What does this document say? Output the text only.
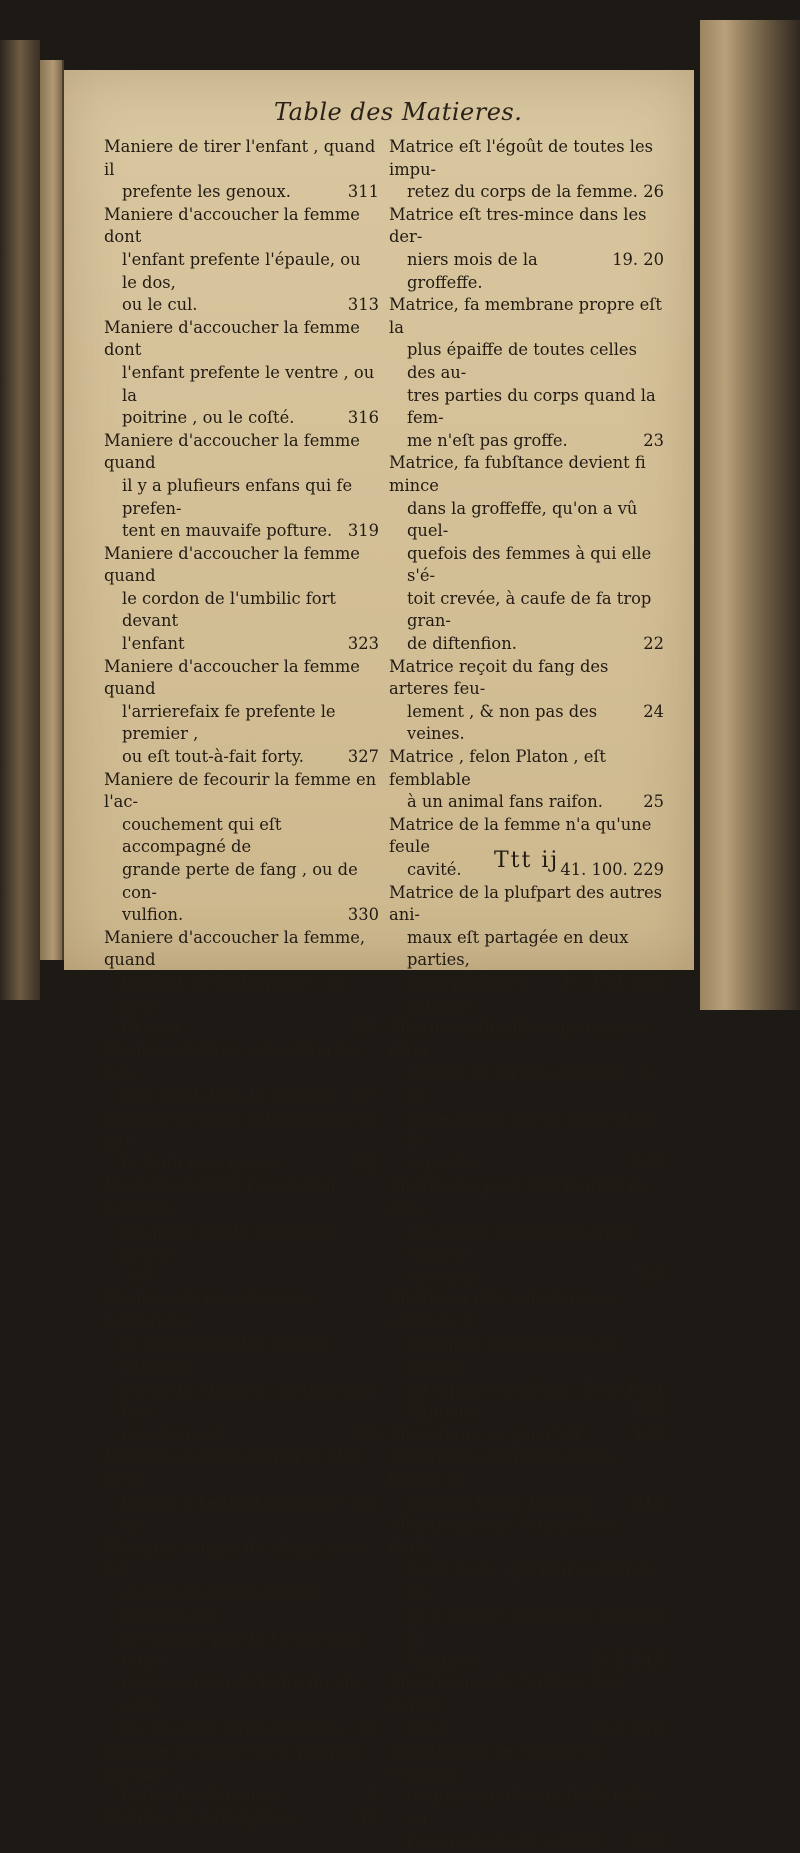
Table des Matieres.
Maniere de tirer l'enfant , quand il
311
prefente les genoux.
Maniere d'accoucher la femme dont
l'enfant prefente l'épaule, ou le dos,
313
ou le cul.
Maniere d'accoucher la femme dont
l'enfant prefente le ventre , ou la
316
poitrine , ou le coſté.
Maniere d'accoucher la femme quand
il y a plufieurs enfans qui fe prefen-
319
tent en mauvaife pofture.
Maniere d'accoucher la femme quand
le cordon de l'umbilic fort devant
323
l'enfant
Maniere d'accoucher la femme quand
l'arrierefaix fe prefente le premier ,
327
ou eſt tout-à-fait forty.
Maniere de fecourir la femme en l'ac-
couchement qui eſt accompagné de
grande perte de fang , ou de con-
330
vulfion.
Maniere d'accoucher la femme, quand
l'enfant eſt hydropique , ou mon-
334
ſtrueux.
Maniere de faire extraction de l'en-
337
fant mort dans la Matrice.
Maniere de faire extraction de la mo-
342
le & du faux germe.
Maniere de faire l'operation cefarien-
ne aprés que la femme eſt morte.
347
Maniere de remedier aux contufions
& déchirures des parties exterieu-
res de la Matrice , caufées par l'ac-
389
couchement.
Maniere de bien couper le filet de la
461
langue à l'enfant nouveau-né.
Marques rouges du vifage, avec lef-
quelles plufieurs enfans naiffent, ne
procedent pas de l'envie que leurs
meres ont eû de boire du vin , com-
64
me on croit ordinairement.
Matrice eſt caufe de la plufpart des ma-
1
ladies des femmes.
17
Matrice, fa defcription.
Matrice eſt l'égoût de toutes les impu-
26
retez du corps de la femme.
Matrice eſt tres-mince dans les der-
19. 20
niers mois de la groffeffe.
Matrice, fa membrane propre eſt la
plus épaiffe de toutes celles des au-
tres parties du corps quand la fem-
23
me n'eſt pas groffe.
Matrice, fa fubſtance devient fi mince
dans la groffeffe, qu'on a vû quel-
quefois des femmes à qui elle s'é-
toit crevée, à caufe de fa trop gran-
22
de diftenfion.
Matrice reçoit du fang des arteres feu-
24
lement , & non pas des veines.
Matrice , felon Platon , eſt femblable
25
à un animal fans raifon.
Matrice de la femme n'a qu'une feule
41. 100. 229
cavité.
Matrice de la plufpart des autres ani-
maux eſt partagée en deux parties,
41. 100. 229
& en plufieurs cellules.
Matrice embraffe toûjours tres-étroi-
tement ce qu'elle contient , & ne
laiffe jamais aucun vuide dans fa
105
capacité.
Matrice ne peut rien fouffrir de con-
tenu dans fa capacité aprés l'accou-
396
chement.
Matrice a eſté entierement extirpée à
quelques femmes fans en mourir,
au rapport d'Aëtius , & de Paul
383
Ægineta.
440
Meconium, ce que c'eſt.
Membrane allantoïde ne fe trouve ja-
214
mais au fœtus humain.
Membranes de l'enfant font feule-
ment deux , qui font contiguës l'u-
ne à l'autre , fçavoir le chorion &
212. 213
l'amnios.
Membranes de l'enfant, leur defcri-
212. 213
ption.
Membranes de l'enfant fe rompent
toûjours au devant de fa tefte en
194
l'accouchement naturel.
Ttt ij
